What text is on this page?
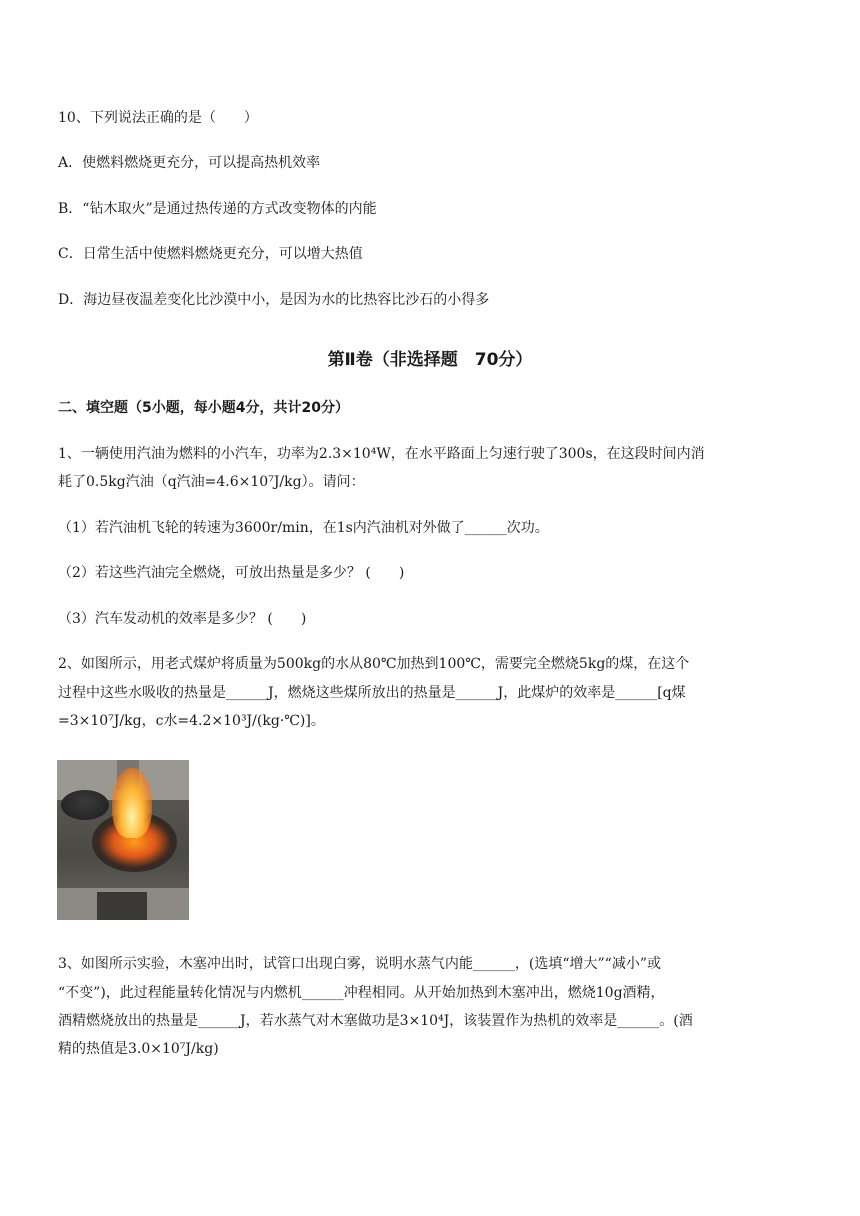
10、下列说法正确的是（　　）
A．使燃料燃烧更充分，可以提高热机效率
B．“钻木取火”是通过热传递的方式改变物体的内能
C．日常生活中使燃料燃烧更充分，可以增大热值
D．海边昼夜温差变化比沙漠中小，是因为水的比热容比沙石的小得多
第Ⅱ卷（非选择题　70分）
二、填空题（5小题，每小题4分，共计20分）
1、一辆使用汽油为燃料的小汽车，功率为2.3×10⁴W，在水平路面上匀速行驶了300s，在这段时间内消
耗了0.5kg汽油（q汽油=4.6×10⁷J/kg）。请问：
（1）若汽油机飞轮的转速为3600r/min，在1s内汽油机对外做了______次功。
（2）若这些汽油完全燃烧，可放出热量是多少？ (　　)
（3）汽车发动机的效率是多少？ (　　)
2、如图所示，用老式煤炉将质量为500kg的水从80℃加热到100℃，需要完全燃烧5kg的煤，在这个
过程中这些水吸收的热量是______J，燃烧这些煤所放出的热量是______J，此煤炉的效率是______[q煤
=3×10⁷J/kg，c水=4.2×10³J/(kg·℃)]。
3、如图所示实验，木塞冲出时，试管口出现白雾，说明水蒸气内能______，(选填“增大”“减小”或
“不变”)，此过程能量转化情况与内燃机______冲程相同。从开始加热到木塞冲出，燃烧10g酒精，
酒精燃烧放出的热量是______J，若水蒸气对木塞做功是3×10⁴J，该装置作为热机的效率是______。(酒
精的热值是3.0×10⁷J/kg)
